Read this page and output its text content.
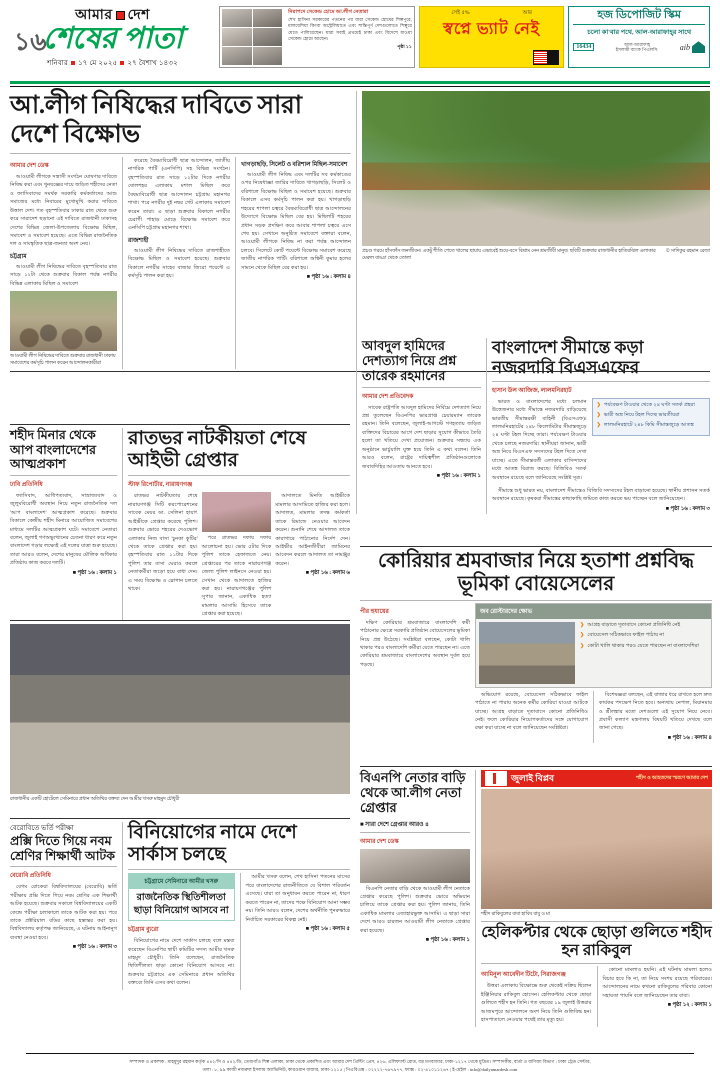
১৬
আমার দেশ
শেষের পাতা
শনিবার ১৭ মে ২০২৫ ২৭ বৈশাখ ১৪৩২
নিরাপদে সেকেন্ড হোমে আ.লীগ নেতারা
শেখ হাসিনা সরকারের পতনের পর যারা সেকেন্ড হোমের শিল্পপুরে, মালয়েশিয়া কিংবা অস্ট্রেলিয়াতে এবং শান্তিপূর্ণ দেশগুলোতে শিল্পুরে যেতে পালিয়েছেন। যারা সবাই প্রথমেই ঢাকা এবং বিদেশে যাওয়া সেকেন্ড হোমে আছেন।
পৃষ্ঠা ১১
সেই ৫%	আর
স্বপ্নে ভ্যাট নেই
হজ ডিপোজিট স্কিম
চলো কা'বার পথে, আল-আরাফাহ্‌র সাথে
16434	আল-আরাফাহ্
ইসলামী ব্যাংক পিএলসি.	aib
আ.লীগ নিষিদ্ধের দাবিতে সারা দেশে বিক্ষোভ
আমার দেশ ডেস্ক

আওয়ামী লীগকে সন্ত্রাসী সংগঠন ঘোষণার দাবিতে নিষিদ্ধ করা এবং খুনযজ্ঞের দায়ে জড়িত শহীদের নেতা ও ফ্যাসিবাদের সমর্থক সরকারি কর্মকর্তাদের আশু সমাজের মধ্যে নিবারের মুখোমুখি করার দাবিতে উত্তাল দেশ। গত বৃহস্পতিবার ঢাকার রাত থেকে শুরু করে সারাদেশ ছড়ানো এই দাবিতে রাজধানী ঢাকাসহ দেশের বিভিন্ন জেলা-উপজেলায় বিক্ষোভ মিছিল, সমাবেশ ও সমাবেশ হয়েছে। এতে বিভিন্ন রাজনৈতিক দল ও সাংস্কৃতিক ছাত্র-জনতা অংশ নেয়।

চট্টগ্রাম

আওয়ামী লীগ নিষিদ্ধের দাবিতে বৃহস্পতিবার রাত সাড়ে ১২টা থেকে শুক্রবার বিকাল পর্যন্ত নগরীর বিভিন্ন এলাকায় মিছিল ও সমাবেশ

আওয়ামী লীগ নিষিদ্ধের দাবিতে শুক্রবার রাজধানী ঢাকায় সমাবেশের কর্মসূচি পালন করেন আন্দোলনকারীরা

করেছে বৈষম্যবিরোধী ছাত্র আন্দোলন, জাতীয় নাগরিক পার্টি (এনসিপি) সহ বিভিন্ন সংগঠন। বৃহস্পতিবার রাত সাড়ে ১২টার দিকে নগরীর ষোলশহর এলাকায় মশাল মিছিল করে বৈষম্যবিরোধী ছাত্র আন্দোলন চট্টগ্রাম মহানগর শাখা। পরে নগরীর দুই নম্বর গেট এলাকায় সমাবেশ করেন তারা। এ ছাড়া শুক্রবার বিকালে নগরীর চেরাগী পাহাড় মোড়ে বিক্ষোভ সমাবেশ করে এনসিপি চট্টগ্রাম মহানগর শাখা।

রাজশাহী

আওয়ামী লীগ নিষিদ্ধের দাবিতে রাজশাহীতে বিক্ষোভ মিছিল ও সমাবেশ হয়েছে। শুক্রবার বিকালে নগরীর সাহেব বাজার জিরো পয়েন্টে এ কর্মসূচি পালন করা হয়।

খাগড়াছড়ি, সিলেট ও বরিশাল মিছিল-সমাবেশ

আওয়ামী লীগ নিষিদ্ধ এবং দলটির সব কর্মকাণ্ডের ওপর নিষেধাজ্ঞা জারির দাবিতে খাগড়াছড়ি, সিলেট ও বরিশালে বিক্ষোভ মিছিল ও সমাবেশ হয়েছে। শুক্রবার বিকালে এসব কর্মসূচি পালন করা হয়। খাগড়াছড়ি শহরের শাপলা চত্বরে বৈষম্যবিরোধী ছাত্র আন্দোলনের উদ্যোগে বিক্ষোভ মিছিল বের হয়। মিছিলটি শহরের প্রধান সড়ক প্রদক্ষিণ করে আবার শাপলা চত্বরে এসে শেষ হয়। সেখানে অনুষ্ঠিত সমাবেশে বক্তারা বলেন, আওয়ামী লীগকে নিষিদ্ধ না করা পর্যন্ত আন্দোলন চলবে। সিলেটে কোর্ট পয়েন্টে বিক্ষোভ সমাবেশ করেছে জাতীয় নাগরিক পার্টি। বরিশালে অশ্বিনী কুমার হলের সামনে থেকে মিছিল বের করা হয়।

■ পৃষ্ঠা ১৬ : কলাম ৪
© সাদিকুর রহমান রেজা
প্রচণ্ড গরমে হাঁসফাঁস জনজীবন। একটু শীতি পেতে খালের ছায়ায় এভাবেই শুয়ে-বসে বিশ্রাম নেন শ্রমজীবী মানুষ। ছবিটি শুক্রবার রাজধানীর হাতিরঝিল এলাকার মেরুল বাড্ডা থেকে তোলা
আবদুল হামিদের দেশত্যাগ নিয়ে প্রশ্ন তারেক রহমানের
আমার দেশ প্রতিবেদক

সাবেক রাষ্ট্রপতি আবদুল হামিদের নির্বিঘ্নে দেশত্যাগ নিয়ে প্রশ্ন তুলেছেন বিএনপির ভারপ্রাপ্ত চেয়ারম্যান তারেক রহমান। তিনি বলেছেন, জুলাই-আগস্টে গণহত্যায় জড়িত ব্যক্তিদের বিচারের আগে দেশ ছাড়ার সুযোগ কীভাবে তৈরি হলো তা খতিয়ে দেখা প্রয়োজন। শুক্রবার সন্ধ্যায় এক অনুষ্ঠানে ভার্চুয়ালি যুক্ত হয়ে তিনি এ কথা বলেন। তিনি আরও বলেন, রাষ্ট্রের দায়িত্বশীল প্রতিষ্ঠানগুলোকে জবাবদিহির আওতায় আনতে হবে।

■ পৃষ্ঠা ১৬ : কলাম ১
বাংলাদেশ সীমান্তে কড়া নজরদারি বিএসএফের
হাসান উল আজিজ, লালমনিরহাট

ভারত ও বাংলাদেশের মধ্যে চলমান উত্তেজনার মধ্যে সীমান্তে নজরদারি বাড়িয়েছে ভারতীয় সীমান্তরক্ষী বাহিনী (বিএসএফ)। লালমনিরহাটের ২৪৮ কিলোমিটার সীমান্তজুড়ে ২৪ ঘণ্টা টহল দিচ্ছে তারা। পর্যবেক্ষণ টাওয়ার থেকে চলছে নজরদারি। স্থানীয়রা জানান, ভারী অস্ত্র নিয়ে বিএসএফ সদস্যদের টহল দিতে দেখা যাচ্ছে। এতে সীমান্তবর্তী এলাকার বাসিন্দাদের মধ্যে আতঙ্ক বিরাজ করছে। বিজিবিও সতর্ক অবস্থানে রয়েছে বলে জানিয়েছে সংশ্লিষ্ট সূত্র।

❯ পর্যবেক্ষণ টাওয়ার থেকে ২৪ ঘণ্টা সতর্ক প্রহরা
❯ ভারী অস্ত্র নিয়ে টহল দিচ্ছে ভারতীয়রা
❯ লালমনিরহাটে ২৪৮ কিমি সীমান্তজুড়ে আতঙ্ক

সীমান্তে শুধু ভারত নয়, বাংলাদেশ সীমান্তেও বিজিবি সদস্যদের টহল বাড়ানো হয়েছে। স্থানীয় প্রশাসন সতর্ক অবস্থানে রয়েছে। কৃষকরা সীমান্তের কাছাকাছি জমিতে কাজ করতে ভয় পাচ্ছেন বলে জানিয়েছেন।

■ পৃষ্ঠা ১৬ : কলাম ৩
শহীদ মিনার থেকে আপ বাংলাদেশের আত্মপ্রকাশ
ঢাবি প্রতিনিধি

ফ্যাসিবাদ, আধিপত্যবাদ, সাম্রাজ্যবাদ ও জুলুমবিরোধী অবস্থান নিয়ে নতুন রাজনৈতিক দল 'আপ বাংলাদেশ' আত্মপ্রকাশ করেছে। শুক্রবার বিকালে কেন্দ্রীয় শহীদ মিনারে আয়োজিত সমাবেশের মাধ্যমে দলটির আত্মপ্রকাশ ঘটে। সমাবেশে নেতারা বলেন, জুলাই গণঅভ্যুত্থানের চেতনা ধারণ করে নতুন বাংলাদেশ গড়ার লক্ষ্যেই এই দলের যাত্রা শুরু হয়েছে। তারা আরও বলেন, দেশের মানুষের মৌলিক অধিকার প্রতিষ্ঠায় কাজ করবে দলটি।

■ পৃষ্ঠা ১৬ : কলাম ১
রাতভর নাটকীয়তা শেষে আইভী গ্রেপ্তার
স্টাফ রিপোর্টার, নারায়ণগঞ্জ

রাতভর নাটকীয়তার শেষে নারায়ণগঞ্জ সিটি করপোরেশনের সাবেক মেয়র ডা. সেলিনা হায়াৎ আইভীকে গ্রেপ্তার করেছে পুলিশ। শুক্রবার ভোরে শহরের দেওভোগ এলাকার নিজ বাসা 'চুনকা কুটির' থেকে তাকে গ্রেপ্তার করা হয়। বৃহস্পতিবার রাত ১১টার দিকে পুলিশ তার বাসা ঘেরাও করলে নেতাকর্মীরা জড়ো হয়ে বাধা দেন। এ সময় বিক্ষোভ ও স্লোগান চলতে থাকে।

পরে রাতভর দফায় দফায় আলোচনা হয়। ভোর ৫টার দিকে পুলিশ তাকে হেফাজতে নেয়। গ্রেপ্তারের পর তাকে নারায়ণগঞ্জ জেলা পুলিশ লাইনসে নেওয়া হয়। সেখান থেকে আদালতে হাজির করা হয়। নারায়ণগঞ্জের পুলিশ সুপার জানান, একাধিক হত্যা মামলার আসামি হিসেবে তাকে গ্রেপ্তার করা হয়েছে।

আদালতে মিনতি আইভীকে মামলার আসামিতে হাজির করা হলে। আদালত, মামলার তদন্ত কর্মকর্তা তাকে রিমান্ডে নেওয়ার আবেদন করেন। শুনানি শেষে আদালত তাকে কারাগারে পাঠানোর নির্দেশ দেন। আইভীর আইনজীবীরা জামিনের আবেদন করলে আদালত তা নামঞ্জুর করেন।

■ পৃষ্ঠা ১৬ : কলাম ৬
কোরিয়ার শ্রমবাজার নিয়ে হতাশা প্রশ্নবিদ্ধ ভূমিকা বোয়েসেলের
পীর হুযায়ের

দক্ষিণ কোরিয়ার শ্রমবাজারে বাংলাদেশি কর্মী পাঠানোর ক্ষেত্রে সরকারি প্রতিষ্ঠান বোয়েসেলের ভূমিকা নিয়ে প্রশ্ন উঠেছে। সংশ্লিষ্টরা বলছেন, কোটা খালি থাকার পরও বাংলাদেশি কর্মীরা যেতে পারছেন না। এতে কোরিয়ার শ্রমবাজারে বাংলাদেশের অবস্থান দুর্বল হয়ে পড়ছে।

জব রোস্টারদের ক্ষোভ
❯ আগ্রহ বাড়াতে দূতাবাসে কোনো প্রতিনিধি নেই
❯ বোয়েসেল সঠিকভাবে ফাইল পাঠায় না
❯ কোটা খালি থাকার পরও যেতে পারছেন না বাংলাদেশিরা

অভিযোগ রয়েছে, বোয়েসেল সঠিকভাবে ফাইল পাঠাতে না পারায় অনেক কর্মীর কোরিয়া যাওয়া আটকে যাচ্ছে। আগ্রহ বাড়াতে দূতাবাসে কোনো প্রতিনিধিও নেই। ফলে কোরিয়ার নিয়োগকর্তাদের সঙ্গে যোগাযোগ রক্ষা করা যাচ্ছে না বলে জানিয়েছেন সংশ্লিষ্টরা।

বিশেষজ্ঞরা বলছেন, এই বাজার ধরে রাখতে হলে দ্রুত কার্যকর পদক্ষেপ নিতে হবে। অন্যথায় নেপাল, মিয়ানমার ও শ্রীলঙ্কার মতো দেশগুলো এই সুযোগ নিয়ে নেবে। প্রবাসী কল্যাণ মন্ত্রণালয় বিষয়টি খতিয়ে দেখছে বলে জানা গেছে।

■ পৃষ্ঠা ১৬ : কলাম ৪
রাজধানীর একটি হোটেলে সেমিনারে প্রধান অতিথির বক্তব্য দেন আমীর খসরু মাহমুদ চৌধুরী
বেরোবিতে ভর্তি পরীক্ষা
প্রক্সি দিতে গিয়ে নবম শ্রেণির শিক্ষার্থী আটক
বেরোবি প্রতিনিধি

বেগম রোকেয়া বিশ্ববিদ্যালয়ের (বেরোবি) ভর্তি পরীক্ষায় প্রক্সি দিতে গিয়ে নবম শ্রেণির এক শিক্ষার্থী আটক হয়েছে। শুক্রবার সকালে বিশ্ববিদ্যালয়ের একটি কেন্দ্রে পরীক্ষা চলাকালে তাকে আটক করা হয়। পরে তাকে প্রক্টরিয়াল বডির কাছে হস্তান্তর করা হয়। বিশ্ববিদ্যালয় কর্তৃপক্ষ জানিয়েছে, এ ঘটনায় আইনানুগ ব্যবস্থা নেওয়া হবে।

■ পৃষ্ঠা ১৬ : কলাম ৩
বিনিয়োগের নামে দেশে সার্কাস চলছে
চট্টগ্রামে সেমিনারে আমীর খসরু
রাজনৈতিক স্থিতিশীলতা ছাড়া বিনিয়োগ আসবে না
চট্টগ্রাম ব্যুরো

বিনিয়োগের নামে দেশে সার্কাস চলছে বলে মন্তব্য করেছেন বিএনপির স্থায়ী কমিটির সদস্য আমীর খসরু মাহমুদ চৌধুরী। তিনি বলেছেন, রাজনৈতিক স্থিতিশীলতা ছাড়া কোনো বিনিয়োগ আসবে না। শুক্রবার চট্টগ্রামে এক সেমিনারে প্রধান অতিথির বক্তব্যে তিনি এসব কথা বলেন।

আমীর খসরু বলেন, শেখ হাসিনা পতনের মাসের পরে বাংলাদেশের রাজনীতিতে যে বিশাল পরিবর্তন এসেছে। যারা তা অনুধাবন করতে পারেন না, ধারণ করতে পারেন না, তাদের পক্ষে বিনিয়োগ আনা সম্ভব নয়। তিনি আরও বলেন, দেশের অর্থনীতি পুনরুদ্ধারে নির্বাচিত সরকারের বিকল্প নেই।

■ পৃষ্ঠা ১৬ : কলাম ৫
বিএনপি নেতার বাড়ি থেকে আ.লীগ নেতা গ্রেপ্তার
■ সারা দেশে গ্রেপ্তার আরও ৪
আমার দেশ ডেস্ক

বিএনপি নেতার বাড়ি থেকে আওয়ামী লীগ নেতাকে গ্রেপ্তার করেছে পুলিশ। শুক্রবার ভোরে অভিযান চালিয়ে তাকে গ্রেপ্তার করা হয়। পুলিশ জানায়, তিনি একাধিক মামলার এজাহারভুক্ত আসামি। এ ছাড়া সারা দেশে আরও চারজন আওয়ামী লীগ নেতাকে গ্রেপ্তার করা হয়েছে।

■ পৃষ্ঠা ১৬ : কলাম ১
জুলাই বিপ্লব	শহীদ ও আহতদের স্মরণে আমার দেশ
শহীদ রাকিবুলের বাবা হাবিব বাবু ও মা
হেলিকপ্টার থেকে ছোড়া গুলিতে শহীদ হন রাকিবুল
আমিনুল আবেদীন টিটো, সিরাজগঞ্জ

উত্তরা এলাকায় বিক্ষোভে শুরু থেকেই সক্রিয় ছিলেন ইঞ্জিনিয়ার রাকিবুল হোসেন। হেলিকপ্টার থেকে ছোড়া গুলিতে শহীদ হন তিনি। গত বছরের ১৯ জুলাই উত্তরার আজমপুরে আন্দোলনে অংশ নিয়ে তিনি গুলিবিদ্ধ হন। হাসপাতালে নেওয়ার পথেই তার মৃত্যু হয়।

কোনো মামলাও হয়নি। এই ঘটনায় মামলা হলেও বিচার হবে কি না, তা নিয়ে সংশয় রয়েছে পরিবারের। আন্দোলনের নামে কখনো রাকিবুলের পরিবার কোনো সহায়তা পায়নি বলে জানিয়েছেন তার বাবা।

■ পৃষ্ঠা ১২ : কলাম ১
সম্পাদক ও প্রকাশক : মাহমুদুর রহমান কর্তৃক ৪৪২/সি ও ৪৪২/ডি, তেজগাঁও শিল্প এলাকা, ঢাকা থেকে প্রকাশিত এবং আমার দেশ প্রিন্টিং প্রেস, ৪২৬, এলিফ্যান্ট রোড, বড় মগবাজার, ঢাকা-১২১৭ থেকে মুদ্রিত। সম্পাদকীয়, বার্তা ও বাণিজ্য বিভাগ : ঢাকা ট্রেড সেন্টার,
তলা : ৮, ৯৯ কাজী নজরুল ইসলাম অ্যাভিনিউ, কারওয়ান বাজার, ঢাকা-১২১৫ | পিএবিএক্স : ০২২২২-৭৬৭৯৭৭, ফ্যাক্স : ০২-৪১০১১২৬৭ | ই-মেইল : info@dailyamardesh.com
